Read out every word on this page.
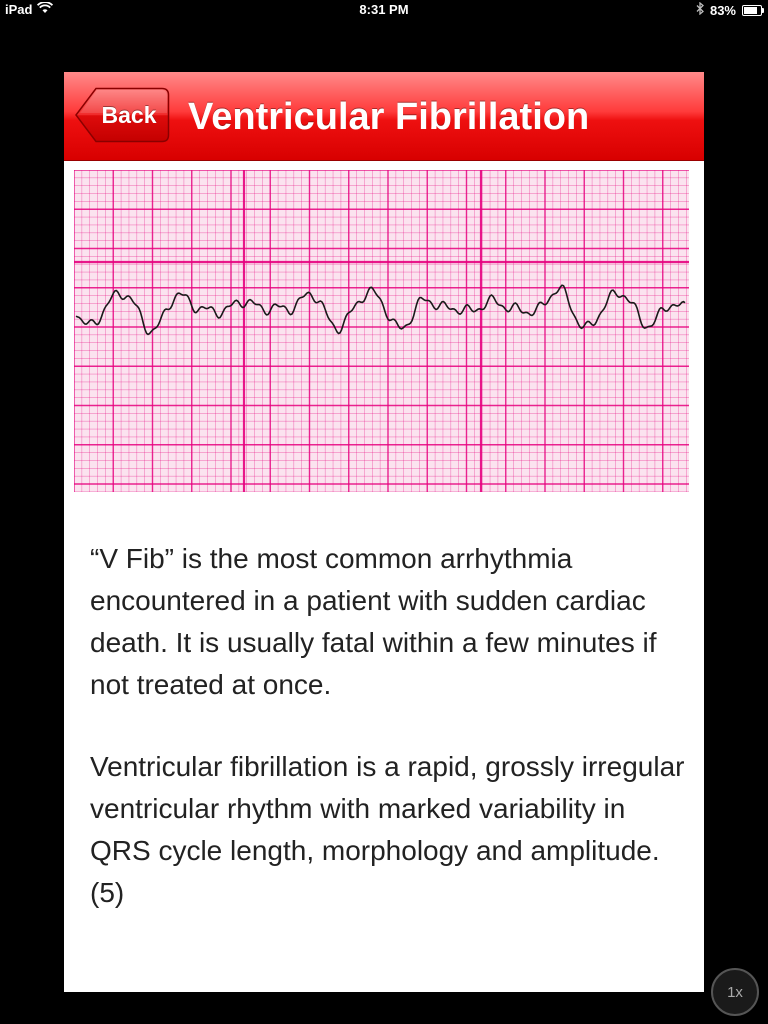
iPad	8:31 PM	83%
Back Ventricular Fibrillation

“V Fib” is the most common arrhythmia encountered in a patient with sudden cardiac death. It is usually fatal within a few minutes if not treated at once.

Ventricular fibrillation is a rapid, grossly irregular ventricular rhythm with marked variability in QRS cycle length, morphology and amplitude. (5)

1x
